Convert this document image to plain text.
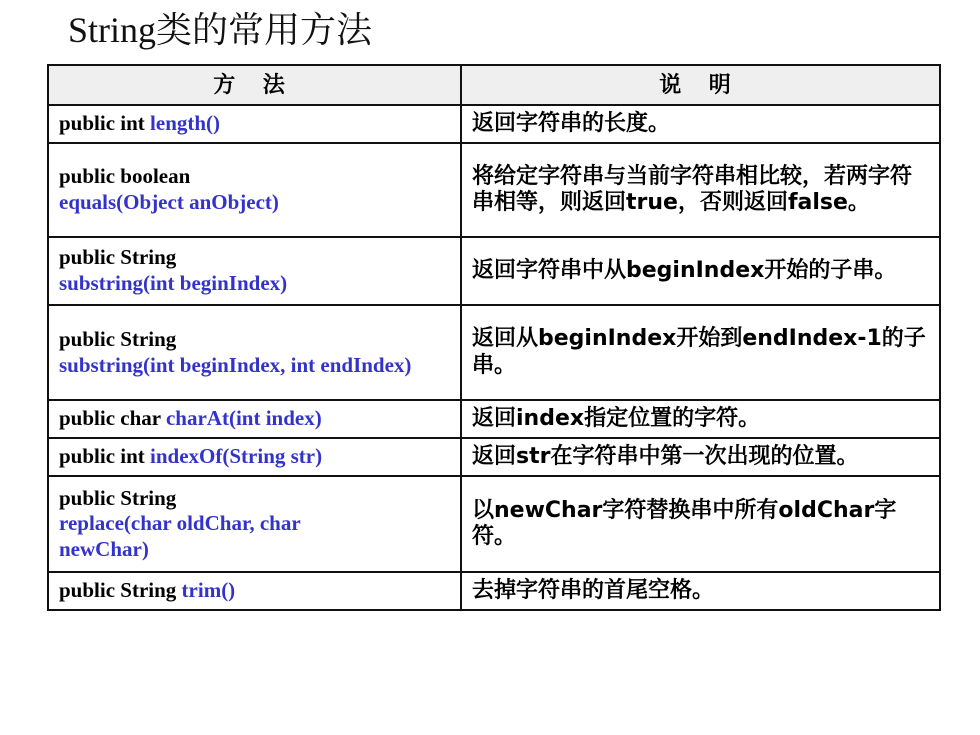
String类的常用方法
方 法	说 明
public int length()	返回字符串的长度。

public boolean
equals(Object anObject)	将给定字符串与当前字符串相比较，若两字符串相等，则返回true，否则返回false。

public String
substring(int beginIndex)	返回字符串中从beginIndex开始的子串。

public String
substring(int beginIndex, int endIndex)	返回从beginIndex开始到endIndex-1的子串。
public char charAt(int index)	返回index指定位置的字符。
public int indexOf(String str)	返回str在字符串中第一次出现的位置。

public String
replace(char oldChar, char newChar)	以newChar字符替换串中所有oldChar字符。
public String trim()	去掉字符串的首尾空格。
